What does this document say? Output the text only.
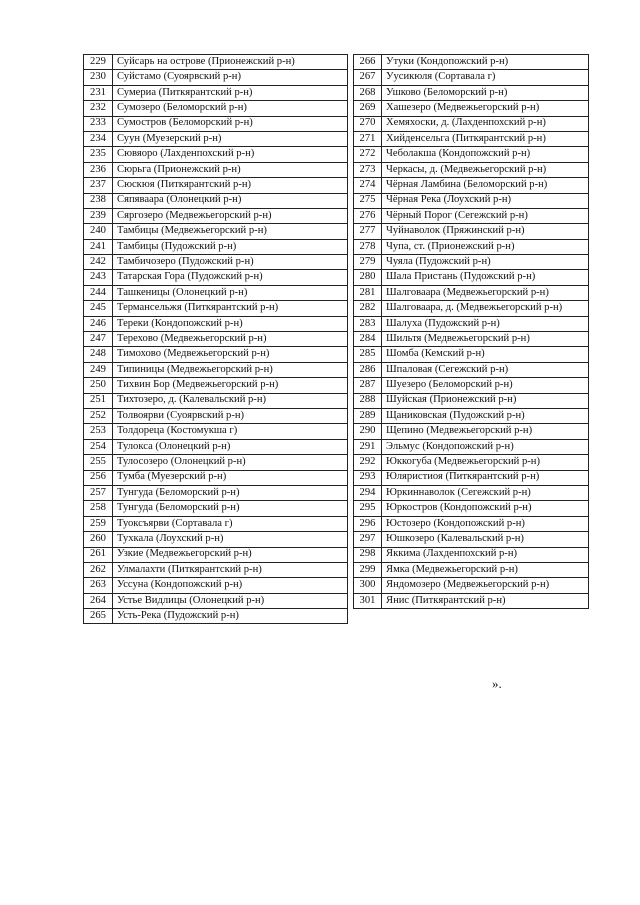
229	Суйсарь на острове (Прионежский р-н)
230	Суйстамо (Суоярвский р-н)
231	Сумериа (Питкярантский р-н)
232	Сумозеро (Беломорский р-н)
233	Сумостров (Беломорский р-н)
234	Суун (Муезерский р-н)
235	Сювяоро (Лахденпохский р-н)
236	Сюрьга (Прионежский р-н)
237	Сюскюя (Питкярантский р-н)
238	Сяпяваара (Олонецкий р-н)
239	Сяргозеро (Медвежьегорский р-н)
240	Тамбицы (Медвежьегорский р-н)
241	Тамбицы (Пудожский р-н)
242	Тамбичозеро (Пудожский р-н)
243	Татарская Гора (Пудожский р-н)
244	Ташкеницы (Олонецкий р-н)
245	Термансельжя (Питкярантский р-н)
246	Тереки (Кондопожский р-н)
247	Терехово (Медвежьегорский р-н)
248	Тимохово (Медвежьегорский р-н)
249	Типиницы (Медвежьегорский р-н)
250	Тихвин Бор (Медвежьегорский р-н)
251	Тихтозеро, д. (Калевальский р-н)
252	Толвоярви (Суоярвский р-н)
253	Толдореца (Костомукша г)
254	Тулокса (Олонецкий р-н)
255	Тулосозеро (Олонецкий р-н)
256	Тумба (Муезерский р-н)
257	Тунгуда (Беломорский р-н)
258	Тунгуда (Беломорский р-н)
259	Туоксъярви (Сортавала г)
260	Тухкала (Лоухский р-н)
261	Узкие (Медвежьегорский р-н)
262	Улмалахти (Питкярантский р-н)
263	Уссуна (Кондопожский р-н)
264	Устье Видлицы (Олонецкий р-н)
265	Усть-Река (Пудожский р-н)
266	Утуки (Кондопожский р-н)
267	Уусикюля (Сортавала г)
268	Ушково (Беломорский р-н)
269	Хашезеро (Медвежьегорский р-н)
270	Хемяхоски, д. (Лахденпохский р-н)
271	Хийденсельга (Питкярантский р-н)
272	Чеболакша (Кондопожский р-н)
273	Черкасы, д. (Медвежьегорский р-н)
274	Чёрная Ламбина (Беломорский р-н)
275	Чёрная Река (Лоухский р-н)
276	Чёрный Порог (Сегежский р-н)
277	Чуйнаволок (Пряжинский р-н)
278	Чупа, ст. (Прионежский р-н)
279	Чуяла (Пудожский р-н)
280	Шала Пристань (Пудожский р-н)
281	Шалговаара (Медвежьегорский р-н)
282	Шалговаара, д. (Медвежьегорский р-н)
283	Шалуха (Пудожский р-н)
284	Шильтя (Медвежьегорский р-н)
285	Шомба (Кемский р-н)
286	Шпаловая (Сегежский р-н)
287	Шуезеро (Беломорский р-н)
288	Шуйская (Прионежский р-н)
289	Щаниковская (Пудожский р-н)
290	Щепино (Медвежьегорский р-н)
291	Эльмус (Кондопожский р-н)
292	Юккогуба (Медвежьегорский р-н)
293	Юляристиоя (Питкярантский р-н)
294	Юркиннаволок (Сегежский р-н)
295	Юркостров (Кондопожский р-н)
296	Юстозеро (Кондопожский р-н)
297	Юшкозеро (Калевальский р-н)
298	Яккима (Лахденпохский р-н)
299	Ямка (Медвежьегорский р-н)
300	Яндомозеро (Медвежьегорский р-н)
301	Янис (Питкярантский р-н)
».
